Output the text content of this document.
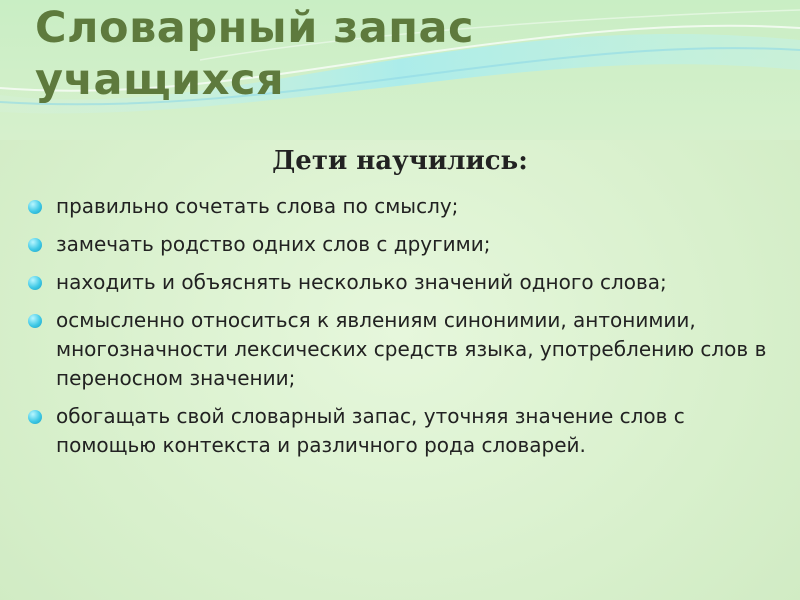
Словарный запас
учащихся
Дети научились:
правильно сочетать слова по смыслу;
замечать родство одних слов с другими;
находить и объяснять несколько значений одного слова;
осмысленно относиться к явлениям синонимии, антонимии, многозначности лексических средств языка, употреблению слов в переносном значении;
обогащать свой словарный запас, уточняя значение слов с помощью контекста и различного рода словарей.
